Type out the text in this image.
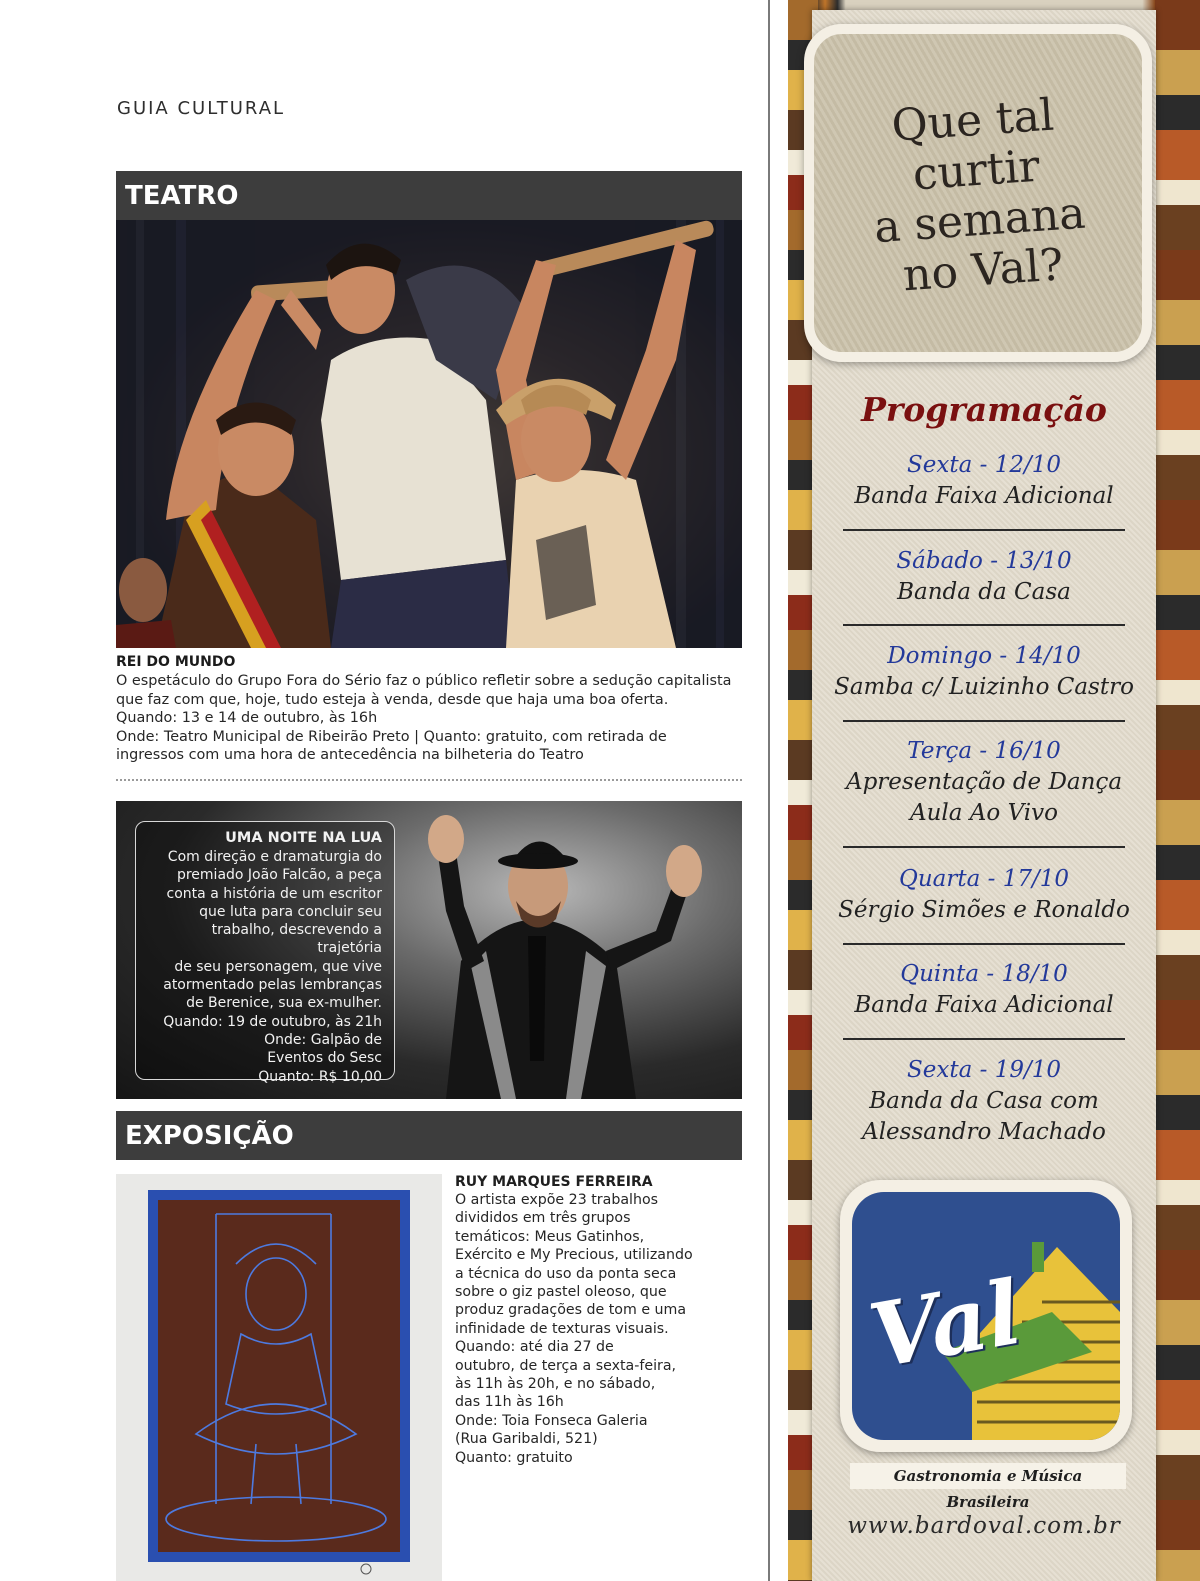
GUIA CULTURAL
TEATRO
REI DO MUNDO
O espetáculo do Grupo Fora do Sério faz o público refletir sobre a sedução capitalista
que faz com que, hoje, tudo esteja à venda, desde que haja uma boa oferta.
Quando: 13 e 14 de outubro, às 16h
Onde: Teatro Municipal de Ribeirão Preto | Quanto: gratuito, com retirada de
ingressos com uma hora de antecedência na bilheteria do Teatro
UMA NOITE NA LUA
Com direção e dramaturgia do
premiado João Falcão, a peça
conta a história de um escritor
que luta para concluir seu
trabalho, descrevendo a trajetória
de seu personagem, que vive
atormentado pelas lembranças
de Berenice, sua ex-mulher.
Quando: 19 de outubro, às 21h
Onde: Galpão de
Eventos do Sesc
Quanto: R$ 10,00
EXPOSIÇÃO
RUY MARQUES FERREIRA
O artista expõe 23 trabalhos
divididos em três grupos
temáticos: Meus Gatinhos,
Exército e My Precious, utilizando
a técnica do uso da ponta seca
sobre o giz pastel oleoso, que
produz gradações de tom e uma
infinidade de texturas visuais.
Quando: até dia 27 de
outubro, de terça a sexta-feira,
às 11h às 20h, e no sábado,
das 11h às 16h
Onde: Toia Fonseca Galeria
(Rua Garibaldi, 521)
Quanto: gratuito
Que tal
curtir
a semana
no Val?
Programação
Sexta - 12/10
Banda Faixa Adicional
Sábado - 13/10
Banda da Casa
Domingo - 14/10
Samba c/ Luizinho Castro
Terça - 16/10
Apresentação de Dança
Aula Ao Vivo
Quarta - 17/10
Sérgio Simões e Ronaldo
Quinta - 18/10
Banda Faixa Adicional
Sexta - 19/10
Banda da Casa com
Alessandro Machado
Val
Gastronomia e Música Brasileira
www.bardoval.com.br
